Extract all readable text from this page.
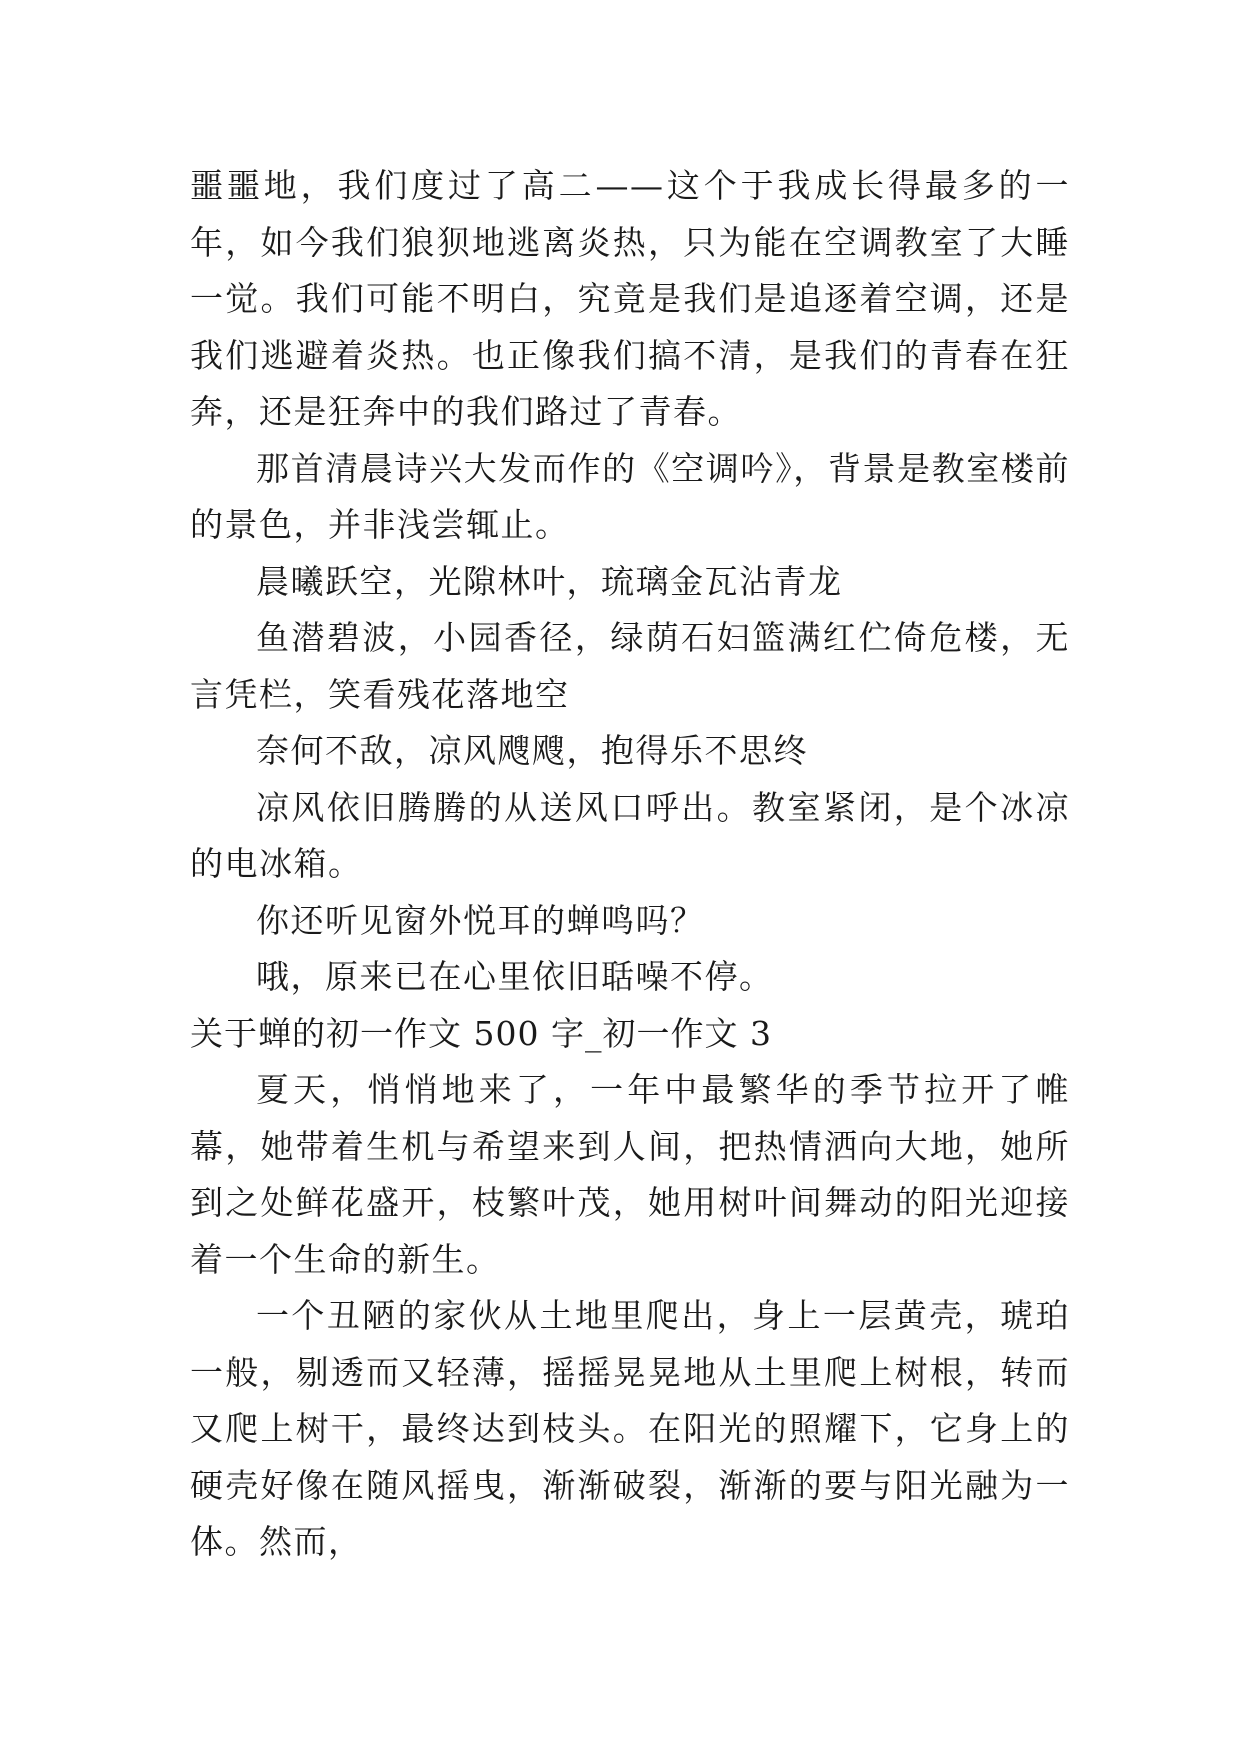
噩噩地，我们度过了高二——这个于我成长得最多的一年，如今我们狼狈地逃离炎热，只为能在空调教室了大睡一觉。我们可能不明白，究竟是我们是追逐着空调，还是我们逃避着炎热。也正像我们搞不清，是我们的青春在狂奔，还是狂奔中的我们路过了青春。

那首清晨诗兴大发而作的《空调吟》，背景是教室楼前的景色，并非浅尝辄止。

晨曦跃空，光隙林叶，琉璃金瓦沾青龙

鱼潜碧波，小园香径，绿荫石妇篮满红伫倚危楼，无言凭栏，笑看残花落地空

奈何不敌，凉风飕飕，抱得乐不思终

凉风依旧腾腾的从送风口呼出。教室紧闭，是个冰凉的电冰箱。

你还听见窗外悦耳的蝉鸣吗？

哦，原来已在心里依旧聒噪不停。

关于蝉的初一作文 500 字_初一作文 3

夏天，悄悄地来了，一年中最繁华的季节拉开了帷幕，她带着生机与希望来到人间，把热情洒向大地，她所到之处鲜花盛开，枝繁叶茂，她用树叶间舞动的阳光迎接着一个生命的新生。

一个丑陋的家伙从土地里爬出，身上一层黄壳，琥珀一般，剔透而又轻薄，摇摇晃晃地从土里爬上树根，转而又爬上树干，最终达到枝头。在阳光的照耀下，它身上的硬壳好像在随风摇曳，渐渐破裂，渐渐的要与阳光融为一体。然而，
